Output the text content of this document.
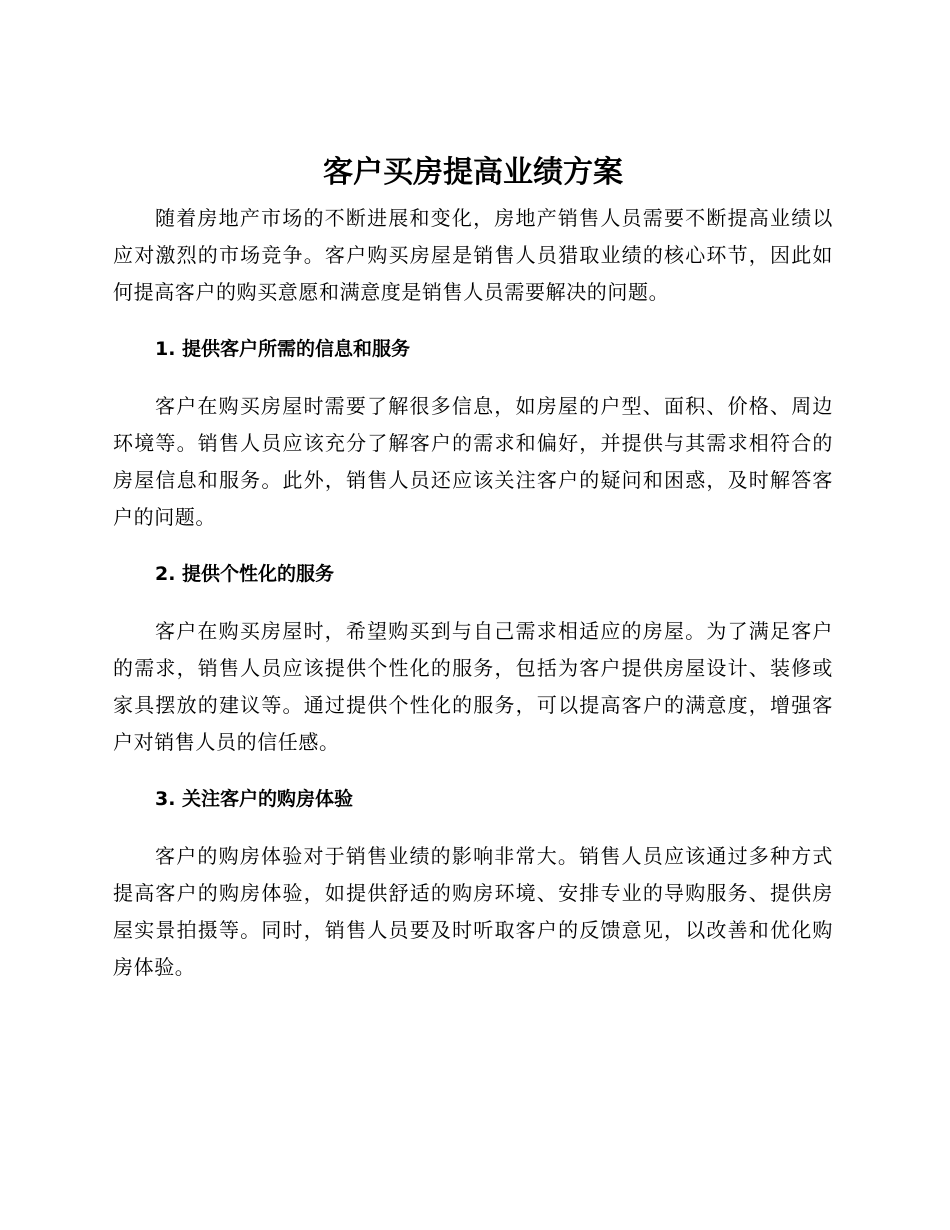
客户买房提高业绩方案

随着房地产市场的不断进展和变化，房地产销售人员需要不断提高业绩以应对激烈的市场竞争。客户购买房屋是销售人员猎取业绩的核心环节，因此如何提高客户的购买意愿和满意度是销售人员需要解决的问题。

1. 提供客户所需的信息和服务

客户在购买房屋时需要了解很多信息，如房屋的户型、面积、价格、周边环境等。销售人员应该充分了解客户的需求和偏好，并提供与其需求相符合的房屋信息和服务。此外，销售人员还应该关注客户的疑问和困惑，及时解答客户的问题。

2. 提供个性化的服务

客户在购买房屋时，希望购买到与自己需求相适应的房屋。为了满足客户的需求，销售人员应该提供个性化的服务，包括为客户提供房屋设计、装修或家具摆放的建议等。通过提供个性化的服务，可以提高客户的满意度，增强客户对销售人员的信任感。

3. 关注客户的购房体验

客户的购房体验对于销售业绩的影响非常大。销售人员应该通过多种方式提高客户的购房体验，如提供舒适的购房环境、安排专业的导购服务、提供房屋实景拍摄等。同时，销售人员要及时听取客户的反馈意见，以改善和优化购房体验。
